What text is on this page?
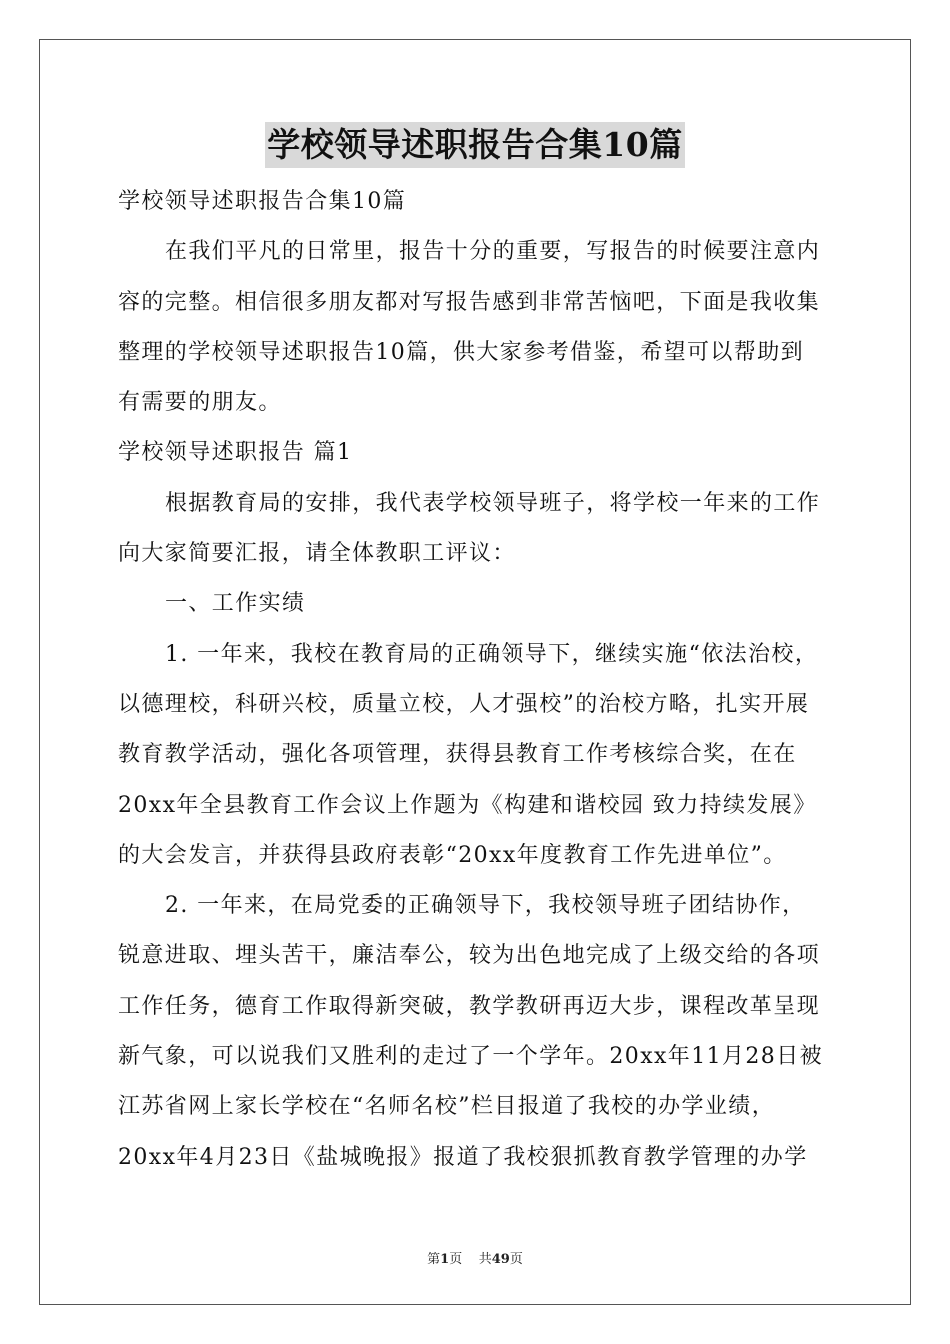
学校领导述职报告合集10篇
学校领导述职报告合集10篇
在我们平凡的日常里，报告十分的重要，写报告的时候要注意内
容的完整。相信很多朋友都对写报告感到非常苦恼吧，下面是我收集
整理的学校领导述职报告10篇，供大家参考借鉴，希望可以帮助到
有需要的朋友。
学校领导述职报告 篇1
根据教育局的安排，我代表学校领导班子，将学校一年来的工作
向大家简要汇报，请全体教职工评议：
一、工作实绩
1. 一年来，我校在教育局的正确领导下，继续实施“依法治校，
以德理校，科研兴校，质量立校，人才强校”的治校方略，扎实开展
教育教学活动，强化各项管理，获得县教育工作考核综合奖，在在
20xx年全县教育工作会议上作题为《构建和谐校园 致力持续发展》
的大会发言，并获得县政府表彰“20xx年度教育工作先进单位”。
2. 一年来，在局党委的正确领导下，我校领导班子团结协作，
锐意进取、埋头苦干，廉洁奉公，较为出色地完成了上级交给的各项
工作任务，德育工作取得新突破，教学教研再迈大步，课程改革呈现
新气象，可以说我们又胜利的走过了一个学年。20xx年11月28日被
江苏省网上家长学校在“名师名校”栏目报道了我校的办学业绩，
20xx年4月23日《盐城晚报》报道了我校狠抓教育教学管理的办学
第1页 共49页
